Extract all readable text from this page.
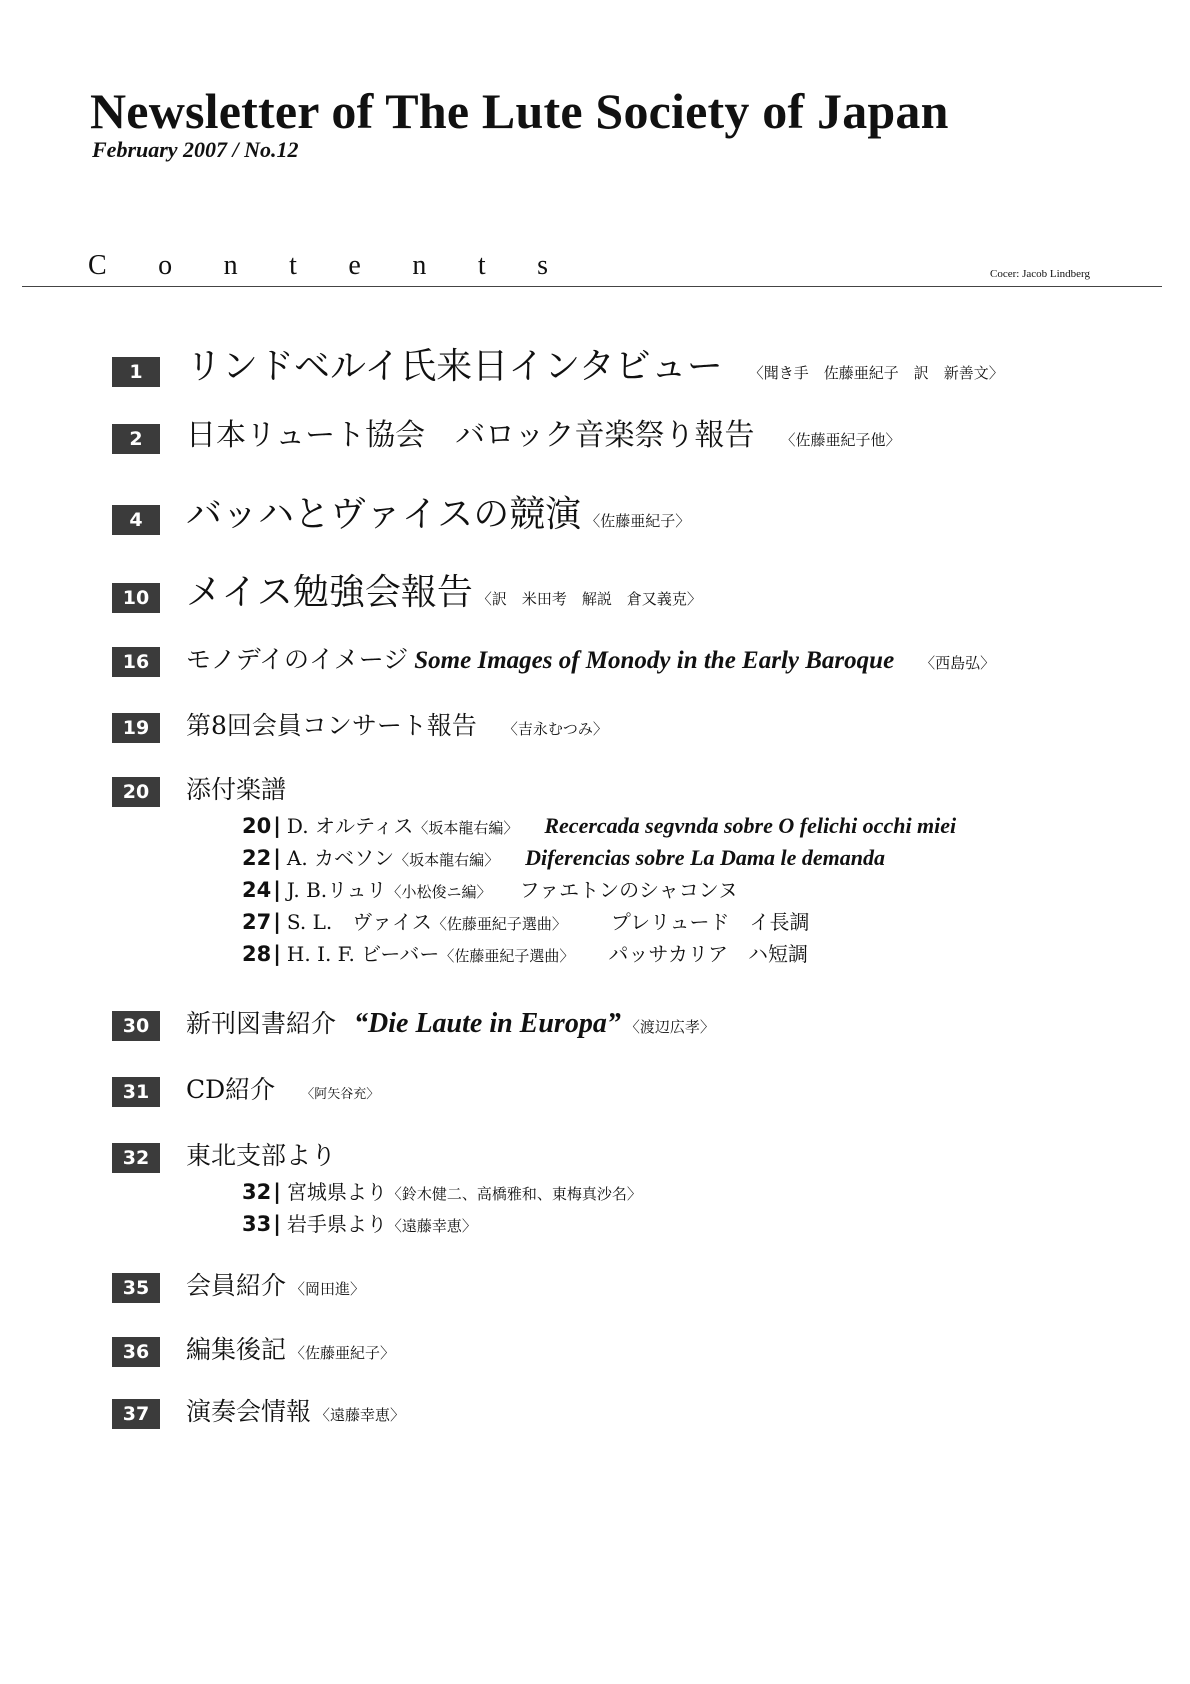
Newsletter of The Lute Society of Japan
February 2007 / No.12
C o n t e n t s	Cocer: Jacob Lindberg
1	リンドベルイ氏来日インタビュー 〈聞き手　佐藤亜紀子　訳　新善文〉
2	日本リュート協会　バロック音楽祭り報告 〈佐藤亜紀子他〉
4	バッハとヴァイスの競演 〈佐藤亜紀子〉
10 メイス勉強会報告 〈訳　米田考　解説　倉又義克〉
16	モノデイのイメージ Some Images of Monody in the Early Baroque 〈西島弘〉
19	第8回会員コンサート報告 〈吉永むつみ〉
20	添付楽譜
20 | D. オルティス 〈坂本龍右編〉 Recercada segvnda sobre O felichi occhi miei
22 | A. カベソン 〈坂本龍右編〉 Diferencias sobre La Dama le demanda
24 | J. B.リュリ 〈小松俊ニ編〉 ファエトンのシャコンヌ
27 | S. L.　ヴァイス 〈佐藤亜紀子選曲〉 プレリュード　イ長調
28 | H. I. F. ビーバー 〈佐藤亜紀子選曲〉 パッサカリア　ハ短調
30	新刊図書紹介 “Die Laute in Europa” 〈渡辺広孝〉
31	CD紹介 〈阿矢谷充〉
32	東北支部より
32 | 宮城県より 〈鈴木健二、高橋雅和、東梅真沙名〉
33 | 岩手県より 〈遠藤幸恵〉
35	会員紹介 〈岡田進〉
36	編集後記 〈佐藤亜紀子〉
37	演奏会情報 〈遠藤幸恵〉
